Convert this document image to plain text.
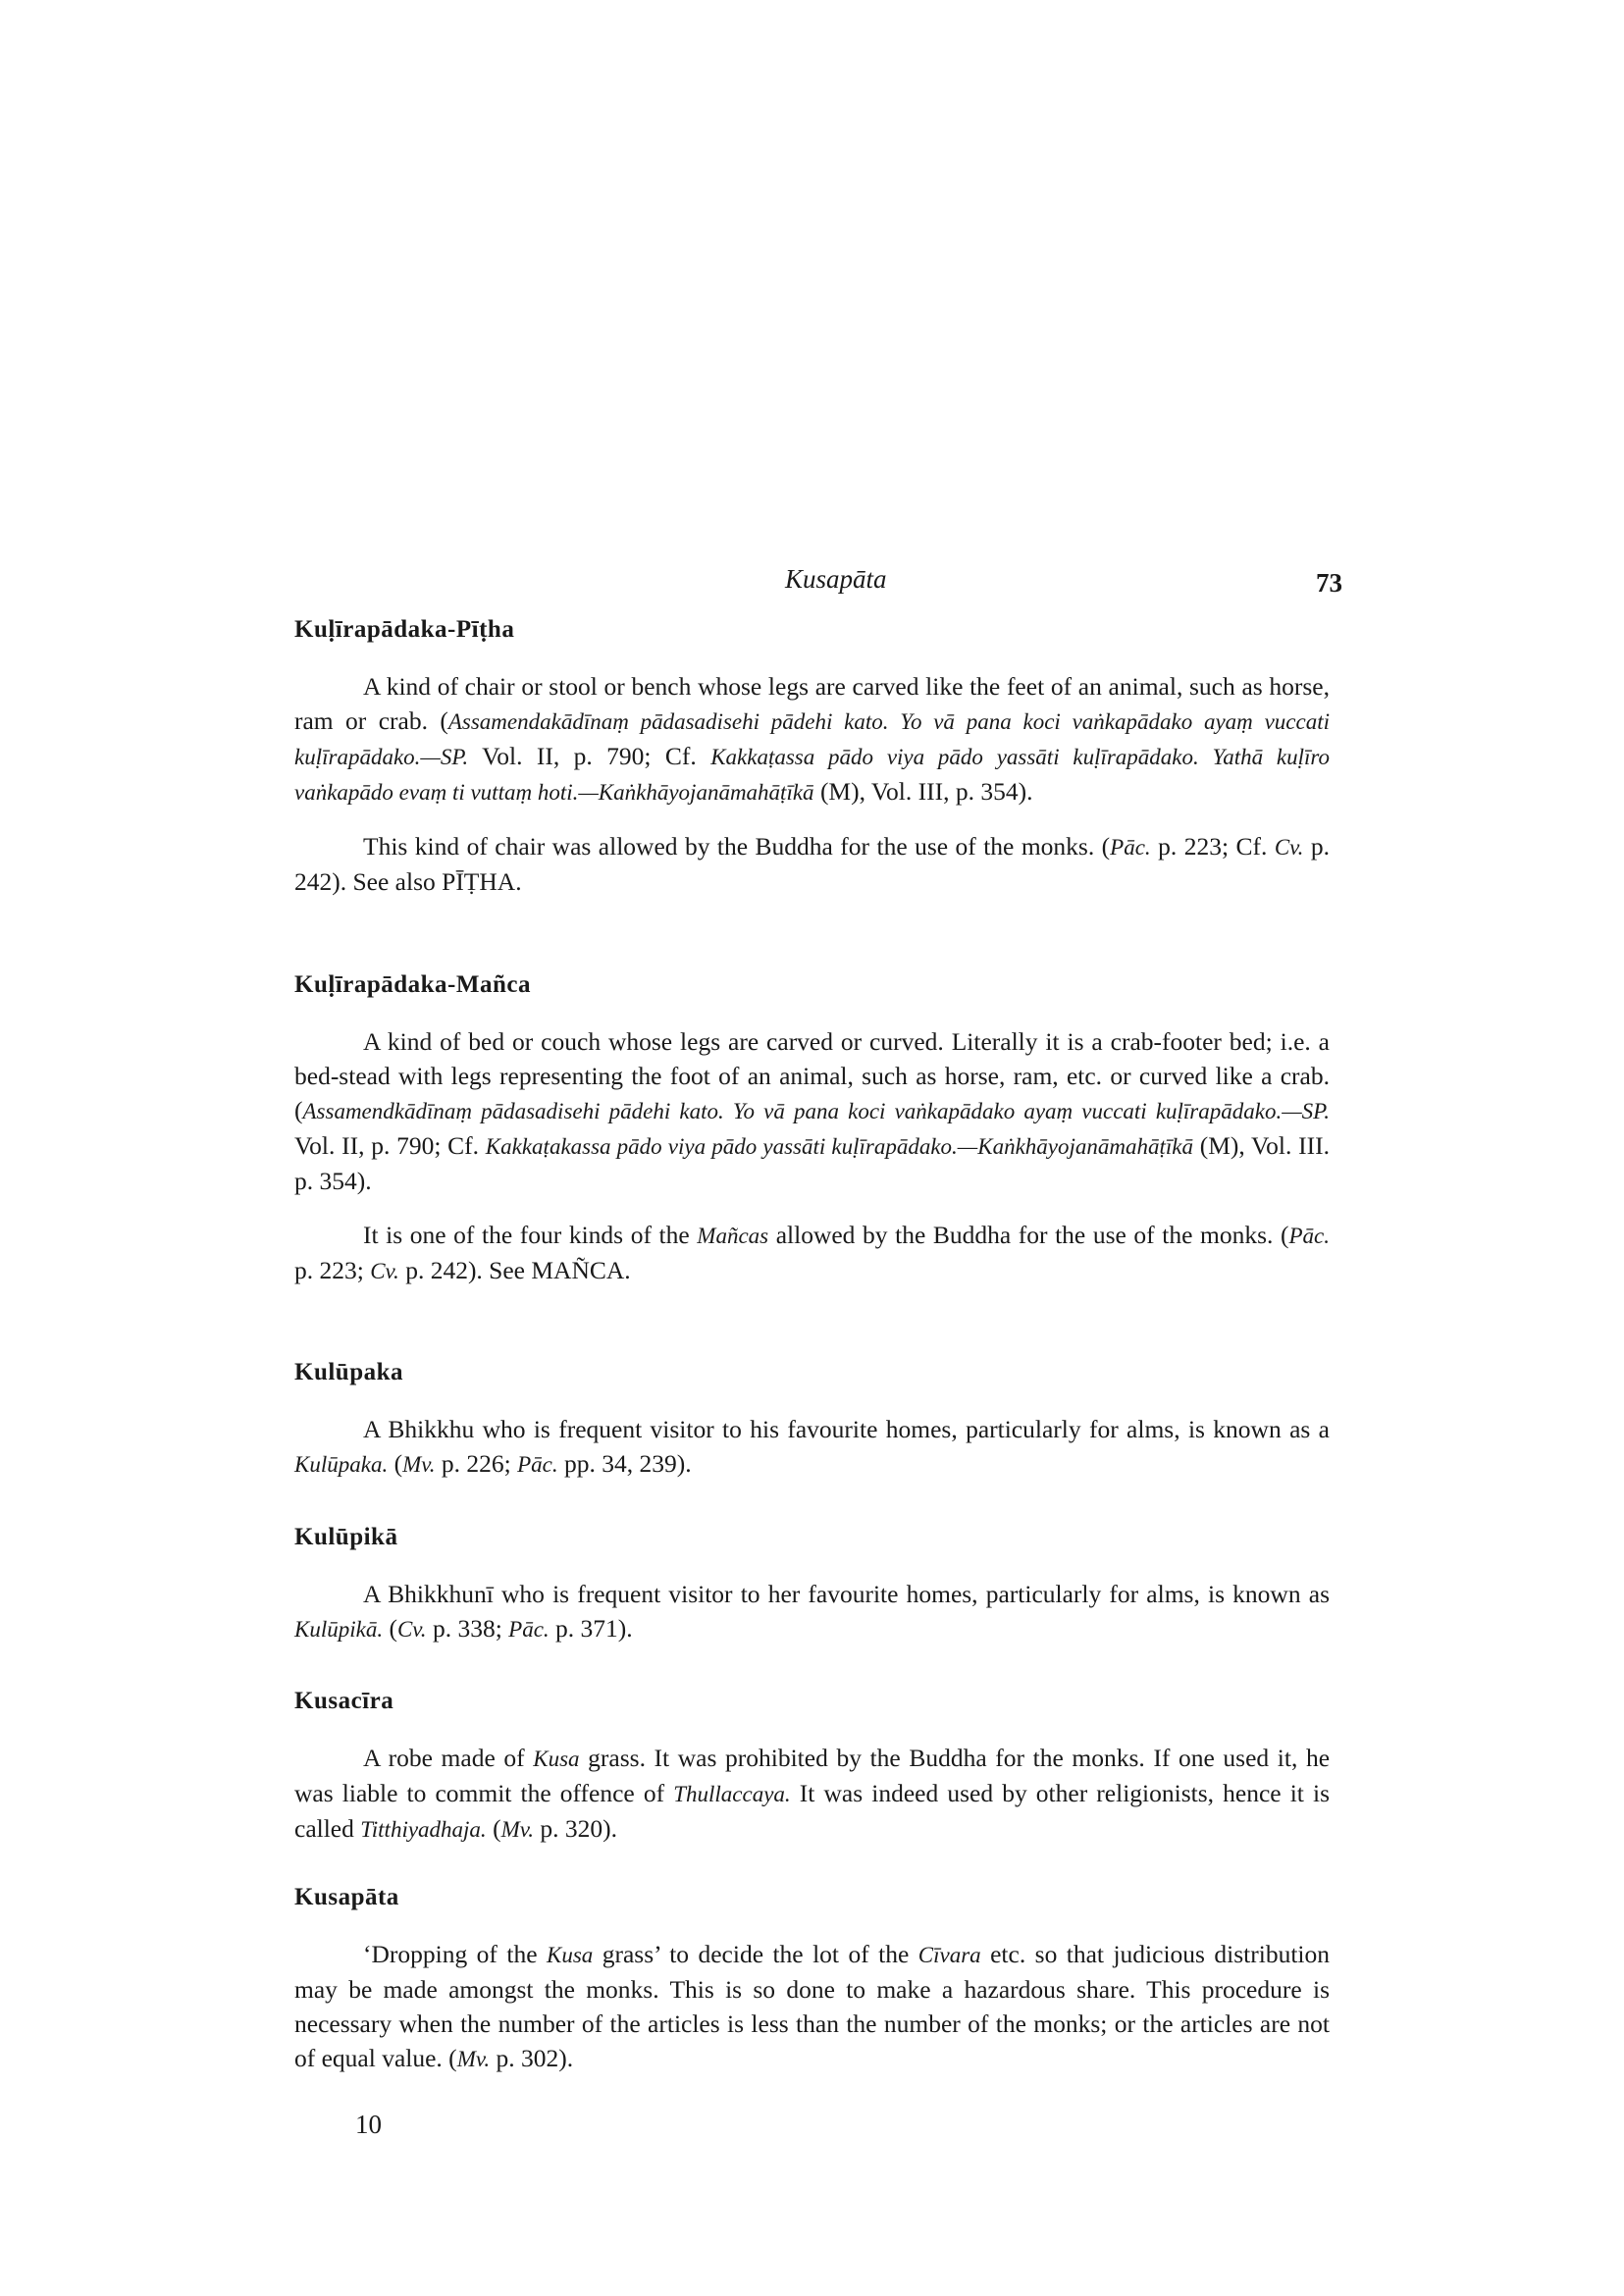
Kusapāta	73
Kuḷīrapādaka-Pīṭha

A kind of chair or stool or bench whose legs are carved like the feet of an animal, such as horse, ram or crab. (Assamendakādīnaṃ pādasadisehi pādehi kato. Yo vā pana koci vaṅkapādako ayaṃ vuccati kuḷīrapādako.—SP. Vol. II, p. 790; Cf. Kakkaṭassa pādo viya pādo yassāti kuḷīrapādako. Yathā kuḷīro vaṅkapādo evaṃ ti vuttaṃ hoti.—Kaṅkhāyojanāmahāṭīkā (M), Vol. III, p. 354).

This kind of chair was allowed by the Buddha for the use of the monks. (Pāc. p. 223; Cf. Cv. p. 242). See also PĪṬHA.

Kuḷīrapādaka-Mañca

A kind of bed or couch whose legs are carved or curved. Literally it is a crab-footer bed; i.e. a bed-stead with legs representing the foot of an animal, such as horse, ram, etc. or curved like a crab. (Assamendkādīnaṃ pādasadisehi pādehi kato. Yo vā pana koci vaṅkapādako ayaṃ vuccati kuḷīrapādako.—SP. Vol. II, p. 790; Cf. Kakkaṭakassa pādo viya pādo yassāti kuḷīrapādako.—Kaṅkhāyojanāmahāṭīkā (M), Vol. III. p. 354).

It is one of the four kinds of the Mañcas allowed by the Buddha for the use of the monks. (Pāc. p. 223; Cv. p. 242). See MAÑCA.

Kulūpaka

A Bhikkhu who is frequent visitor to his favourite homes, particularly for alms, is known as a Kulūpaka. (Mv. p. 226; Pāc. pp. 34, 239).

Kulūpikā

A Bhikkhunī who is frequent visitor to her favourite homes, particularly for alms, is known as Kulūpikā. (Cv. p. 338; Pāc. p. 371).

Kusacīra

A robe made of Kusa grass. It was prohibited by the Buddha for the monks. If one used it, he was liable to commit the offence of Thullaccaya. It was indeed used by other religionists, hence it is called Titthiyadhaja. (Mv. p. 320).

Kusapāta

‘Dropping of the Kusa grass’ to decide the lot of the Cīvara etc. so that judicious distribution may be made amongst the monks. This is so done to make a hazardous share. This procedure is necessary when the number of the articles is less than the number of the monks; or the articles are not of equal value. (Mv. p. 302).

10
